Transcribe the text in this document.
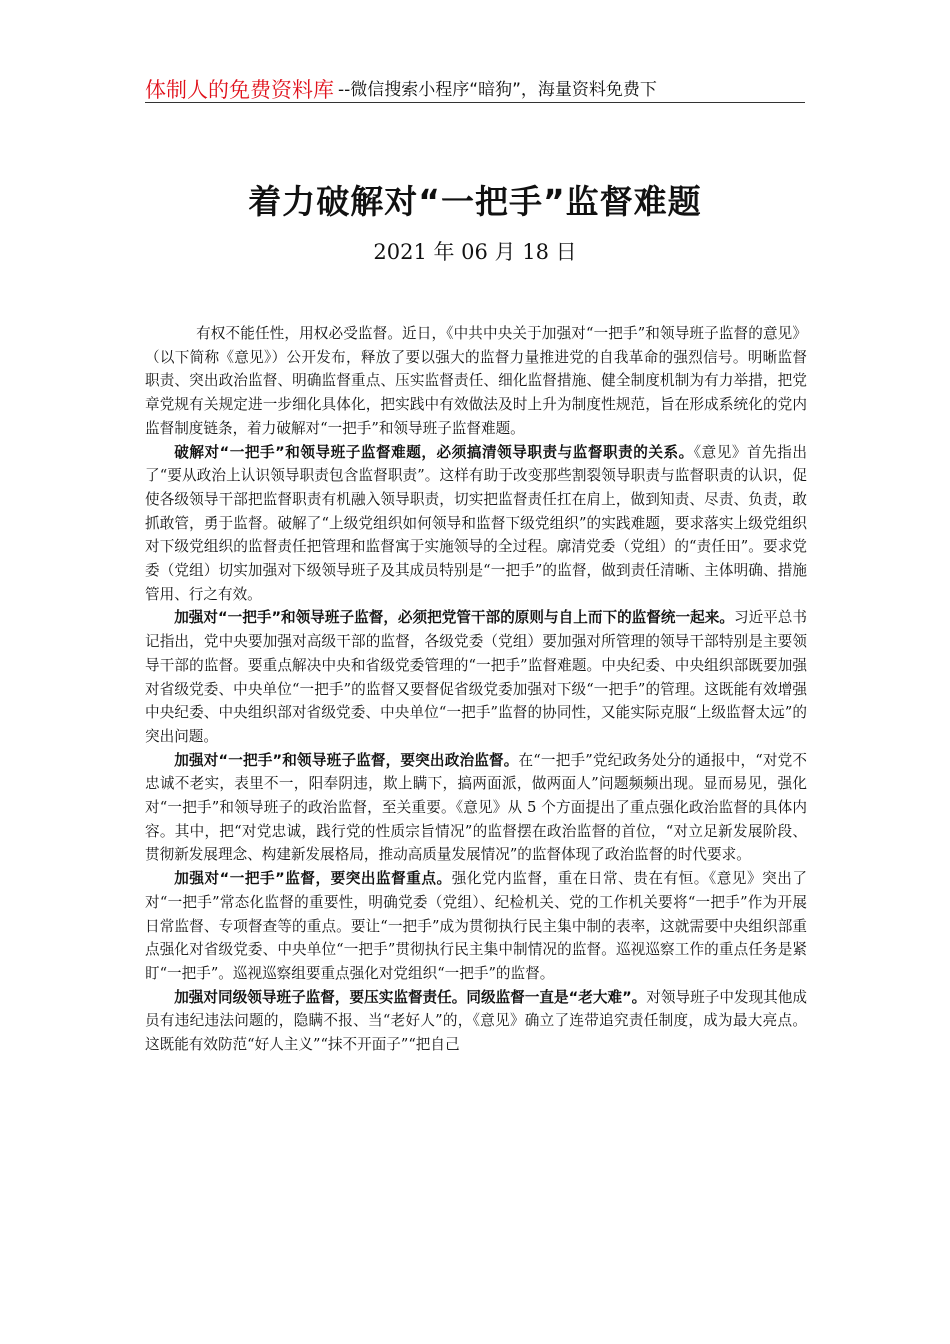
体制人的免费资料库 --微信搜索小程序“暗狗”，海量资料免费下
着力破解对“一把手”监督难题
2021 年 06 月 18 日

有权不能任性，用权必受监督。近日，《中共中央关于加强对“一把手”和领导班子监督的意见》（以下简称《意见》）公开发布，释放了要以强大的监督力量推进党的自我革命的强烈信号。明晰监督职责、突出政治监督、明确监督重点、压实监督责任、细化监督措施、健全制度机制为有力举措，把党章党规有关规定进一步细化具体化，把实践中有效做法及时上升为制度性规范，旨在形成系统化的党内监督制度链条，着力破解对“一把手”和领导班子监督难题。

破解对“一把手”和领导班子监督难题，必须搞清领导职责与监督职责的关系。《意见》首先指出了“要从政治上认识领导职责包含监督职责”。这样有助于改变那些割裂领导职责与监督职责的认识，促使各级领导干部把监督职责有机融入领导职责，切实把监督责任扛在肩上，做到知责、尽责、负责，敢抓敢管，勇于监督。破解了“上级党组织如何领导和监督下级党组织”的实践难题，要求落实上级党组织对下级党组织的监督责任把管理和监督寓于实施领导的全过程。廓清党委（党组）的“责任田”。要求党委（党组）切实加强对下级领导班子及其成员特别是“一把手”的监督，做到责任清晰、主体明确、措施管用、行之有效。

加强对“一把手”和领导班子监督，必须把党管干部的原则与自上而下的监督统一起来。习近平总书记指出，党中央要加强对高级干部的监督，各级党委（党组）要加强对所管理的领导干部特别是主要领导干部的监督。要重点解决中央和省级党委管理的“一把手”监督难题。中央纪委、中央组织部既要加强对省级党委、中央单位“一把手”的监督又要督促省级党委加强对下级“一把手”的管理。这既能有效增强中央纪委、中央组织部对省级党委、中央单位“一把手”监督的协同性，又能实际克服“上级监督太远”的突出问题。

加强对“一把手”和领导班子监督，要突出政治监督。在“一把手”党纪政务处分的通报中，“对党不忠诚不老实，表里不一，阳奉阴违，欺上瞒下，搞两面派，做两面人”问题频频出现。显而易见，强化对“一把手”和领导班子的政治监督，至关重要。《意见》从 5 个方面提出了重点强化政治监督的具体内容。其中，把“对党忠诚，践行党的性质宗旨情况”的监督摆在政治监督的首位，“对立足新发展阶段、贯彻新发展理念、构建新发展格局，推动高质量发展情况”的监督体现了政治监督的时代要求。

加强对“一把手”监督，要突出监督重点。强化党内监督，重在日常、贵在有恒。《意见》突出了对“一把手”常态化监督的重要性，明确党委（党组）、纪检机关、党的工作机关要将“一把手”作为开展日常监督、专项督查等的重点。要让“一把手”成为贯彻执行民主集中制的表率，这就需要中央组织部重点强化对省级党委、中央单位“一把手”贯彻执行民主集中制情况的监督。巡视巡察工作的重点任务是紧盯“一把手”。巡视巡察组要重点强化对党组织“一把手”的监督。

加强对同级领导班子监督，要压实监督责任。同级监督一直是“老大难”。对领导班子中发现其他成员有违纪违法问题的，隐瞒不报、当“老好人”的，《意见》确立了连带追究责任制度，成为最大亮点。这既能有效防范“好人主义”“抹不开面子”“把自己
